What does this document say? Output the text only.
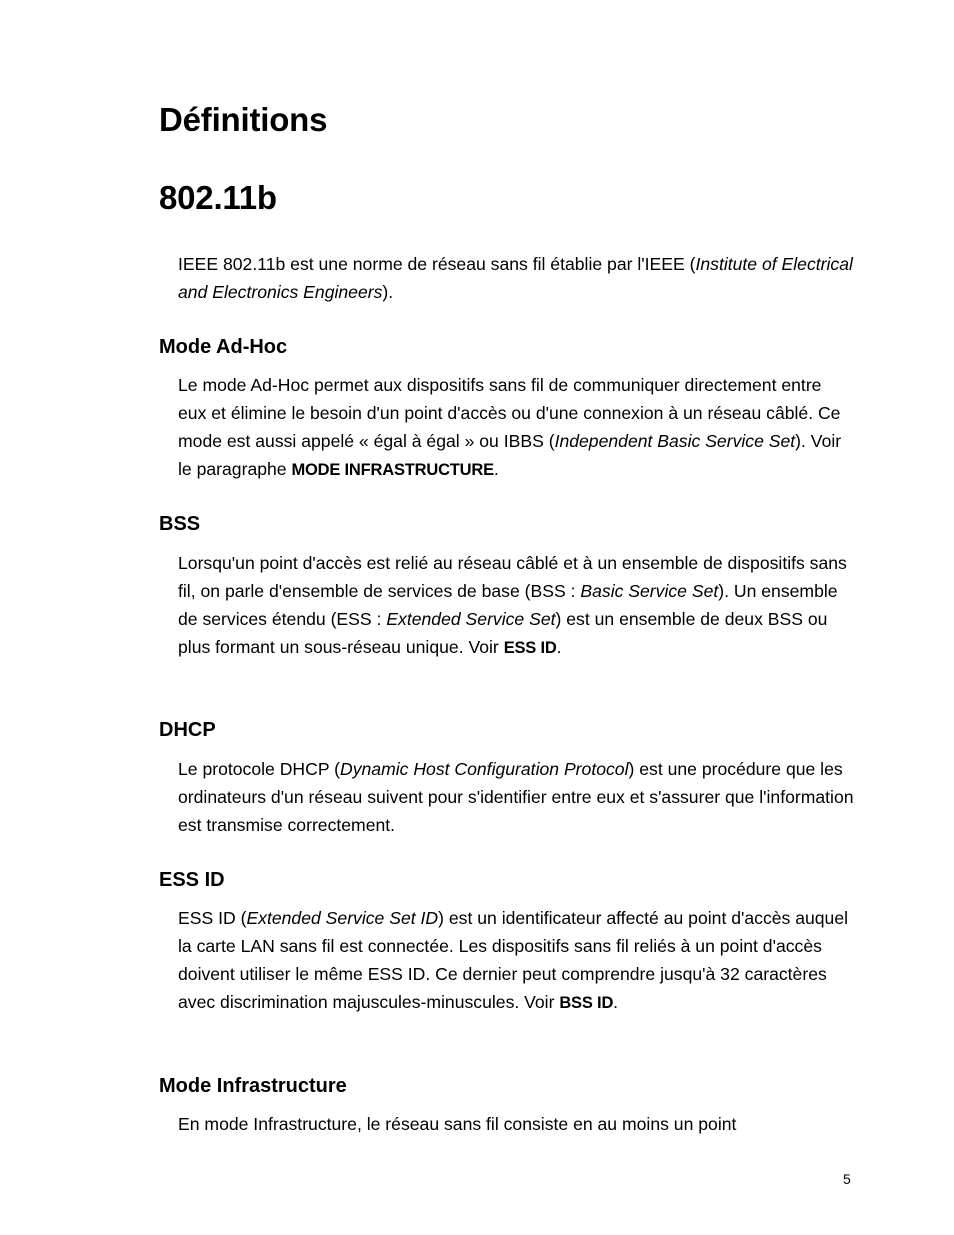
Définitions
802.11b

IEEE 802.11b est une norme de réseau sans fil établie par l'IEEE (Institute of Electrical and Electronics Engineers).

Mode Ad-Hoc

Le mode Ad-Hoc permet aux dispositifs sans fil de communiquer directement entre eux et élimine le besoin d'un point d'accès ou d'une connexion à un réseau câblé. Ce mode est aussi appelé « égal à égal » ou IBBS (Independent Basic Service Set). Voir le paragraphe MODE INFRASTRUCTURE.

BSS

Lorsqu'un point d'accès est relié au réseau câblé et à un ensemble de dispositifs sans fil, on parle d'ensemble de services de base (BSS : Basic Service Set). Un ensemble de services étendu (ESS : Extended Service Set) est un ensemble de deux BSS ou plus formant un sous-réseau unique. Voir ESS ID.

DHCP

Le protocole DHCP (Dynamic Host Configuration Protocol) est une procédure que les ordinateurs d'un réseau suivent pour s'identifier entre eux et s'assurer que l'information est transmise correctement.

ESS ID

ESS ID (Extended Service Set ID) est un identificateur affecté au point d'accès auquel la carte LAN sans fil est connectée. Les dispositifs sans fil reliés à un point d'accès doivent utiliser le même ESS ID. Ce dernier peut comprendre jusqu'à 32 caractères avec discrimination majuscules-minuscules. Voir BSS ID.

Mode Infrastructure

En mode Infrastructure, le réseau sans fil consiste en au moins un point

5
